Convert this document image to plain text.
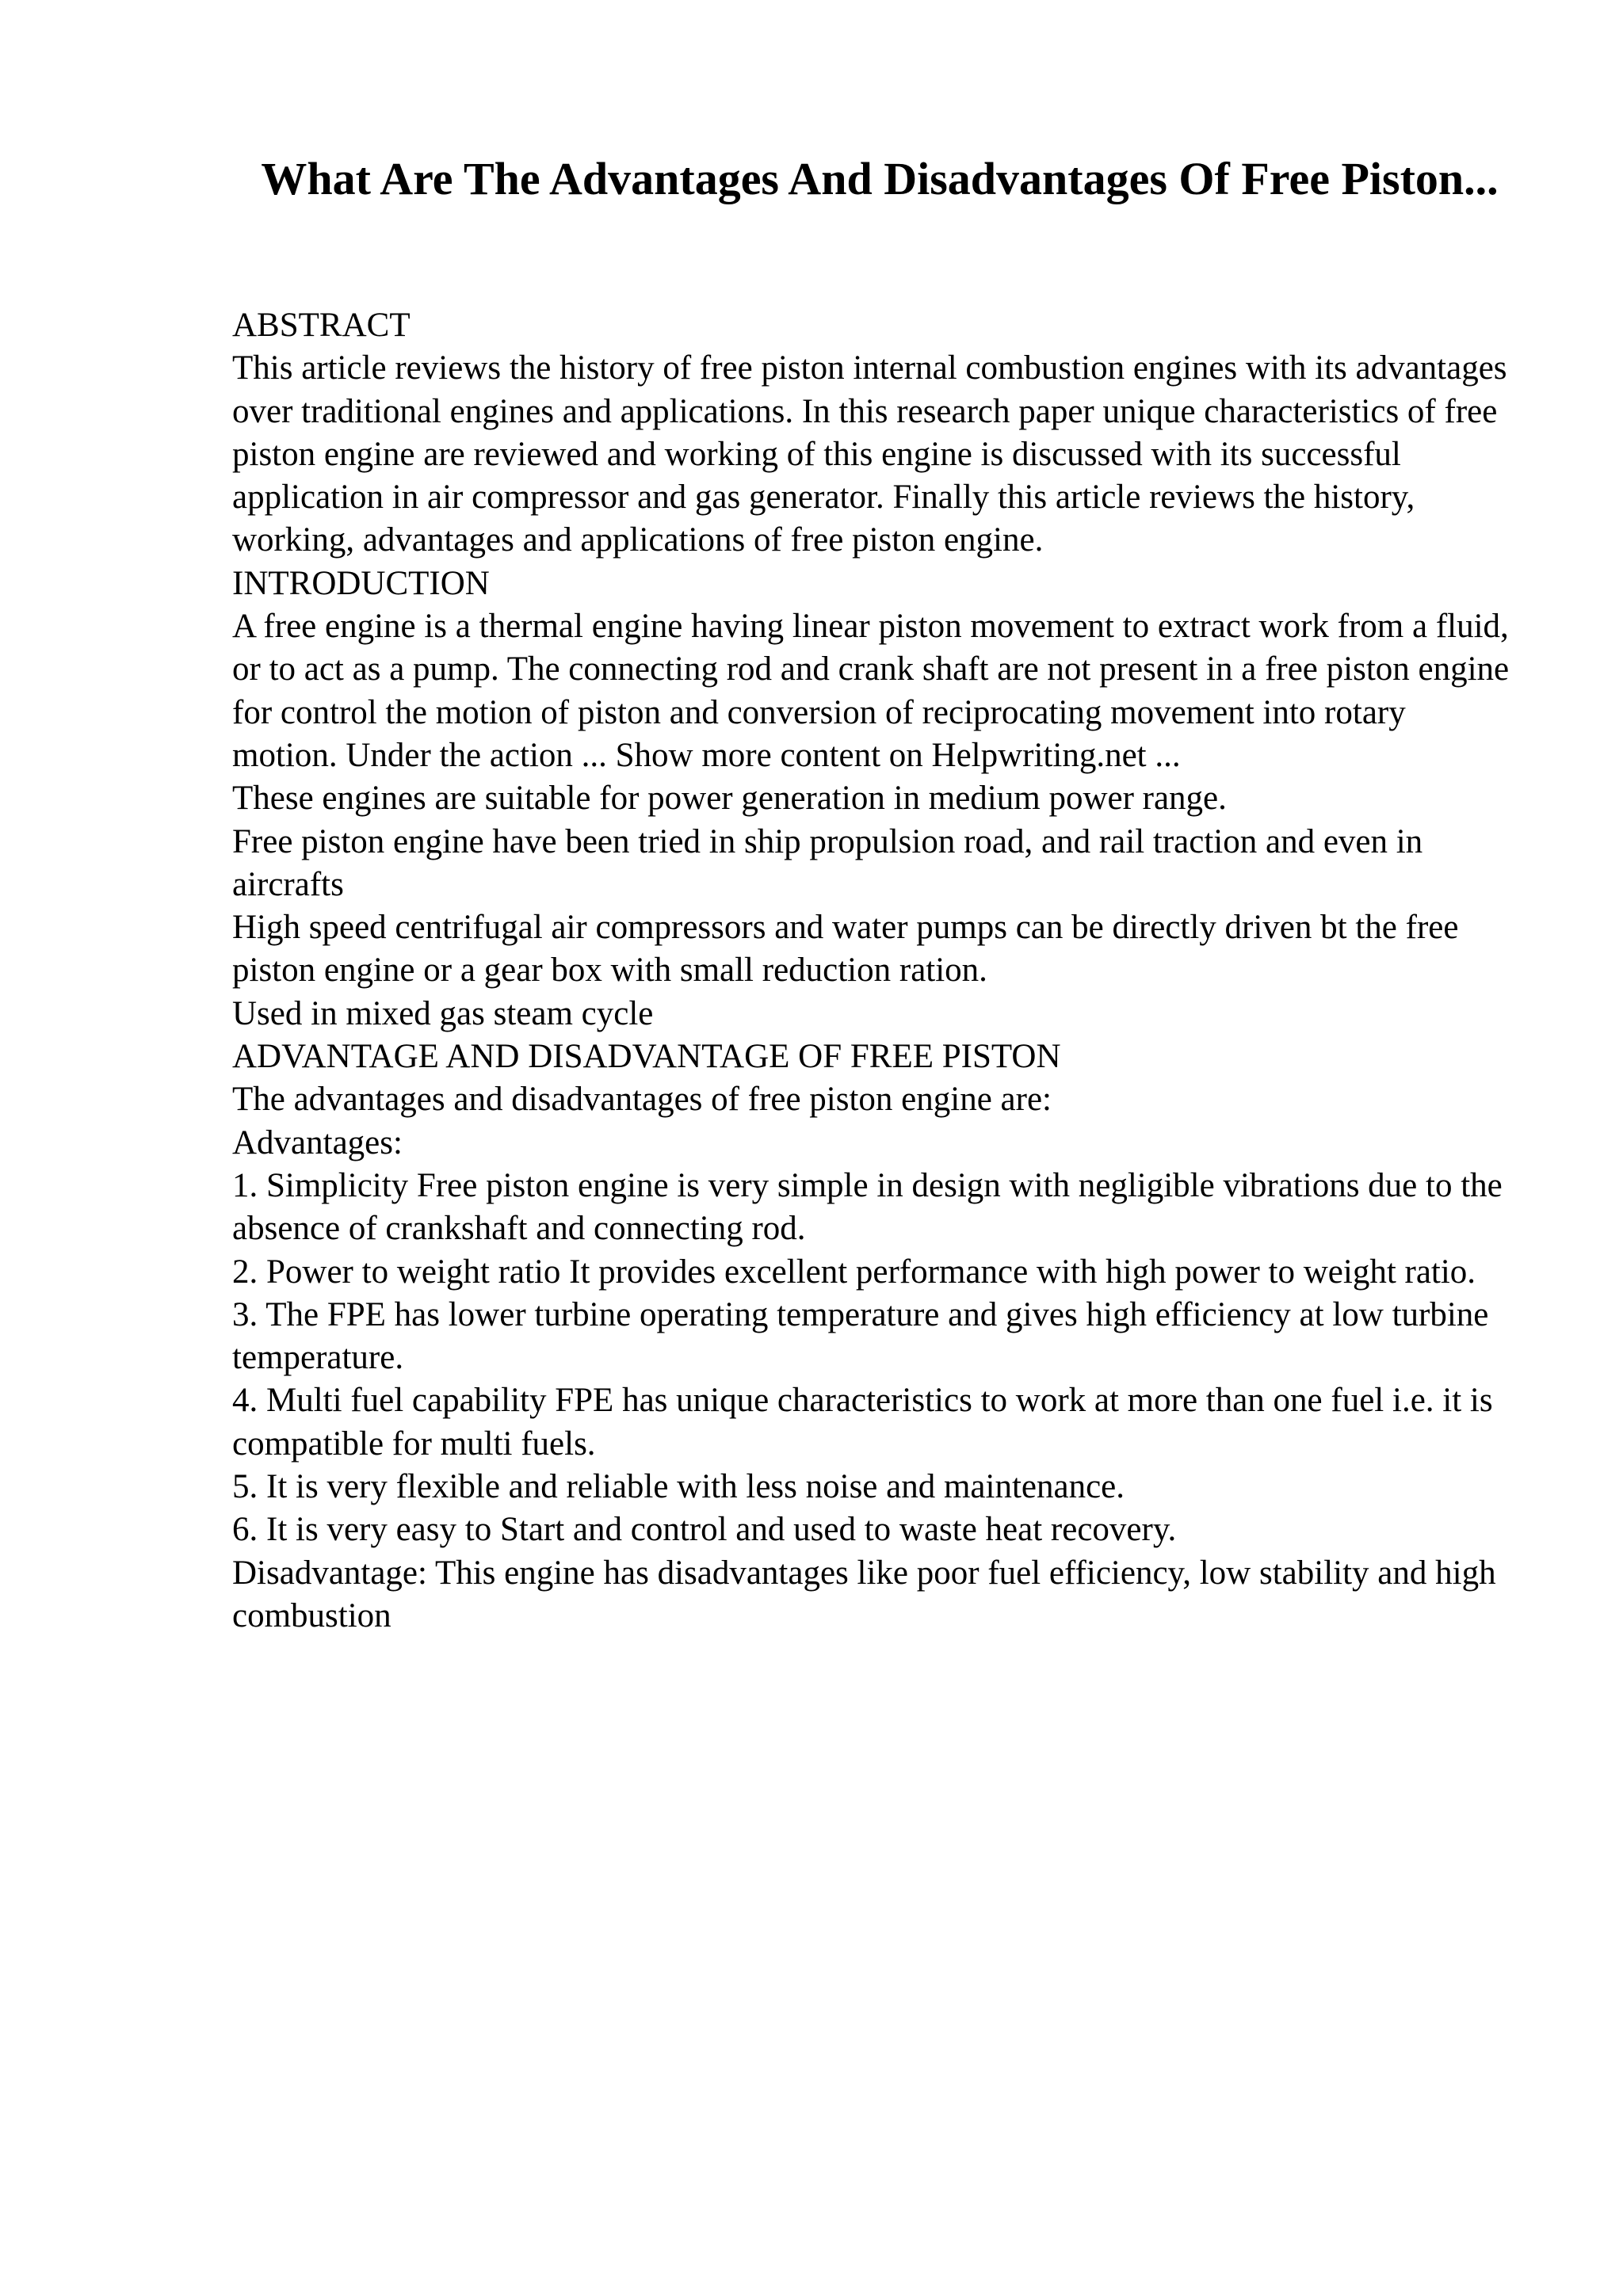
What Are The Advantages And Disadvantages Of Free Piston...
ABSTRACT
This article reviews the history of free piston internal combustion engines with its advantages over traditional engines and applications. In this research paper unique characteristics of free piston engine are reviewed and working of this engine is discussed with its successful application in air compressor and gas generator. Finally this article reviews the history, working, advantages and applications of free piston engine.
INTRODUCTION
A free engine is a thermal engine having linear piston movement to extract work from a fluid, or to act as a pump. The connecting rod and crank shaft are not present in a free piston engine for control the motion of piston and conversion of reciprocating movement into rotary motion. Under the action ... Show more content on Helpwriting.net ...
These engines are suitable for power generation in medium power range.
Free piston engine have been tried in ship propulsion road, and rail traction and even in aircrafts
High speed centrifugal air compressors and water pumps can be directly driven bt the free piston engine or a gear box with small reduction ration.
Used in mixed gas steam cycle
ADVANTAGE AND DISADVANTAGE OF FREE PISTON
The advantages and disadvantages of free piston engine are:
Advantages:
1. Simplicity Free piston engine is very simple in design with negligible vibrations due to the absence of crankshaft and connecting rod.
2. Power to weight ratio It provides excellent performance with high power to weight ratio.
3. The FPE has lower turbine operating temperature and gives high efficiency at low turbine temperature.
4. Multi fuel capability FPE has unique characteristics to work at more than one fuel i.e. it is compatible for multi fuels.
5. It is very flexible and reliable with less noise and maintenance.
6. It is very easy to Start and control and used to waste heat recovery.
Disadvantage: This engine has disadvantages like poor fuel efficiency, low stability and high combustion
